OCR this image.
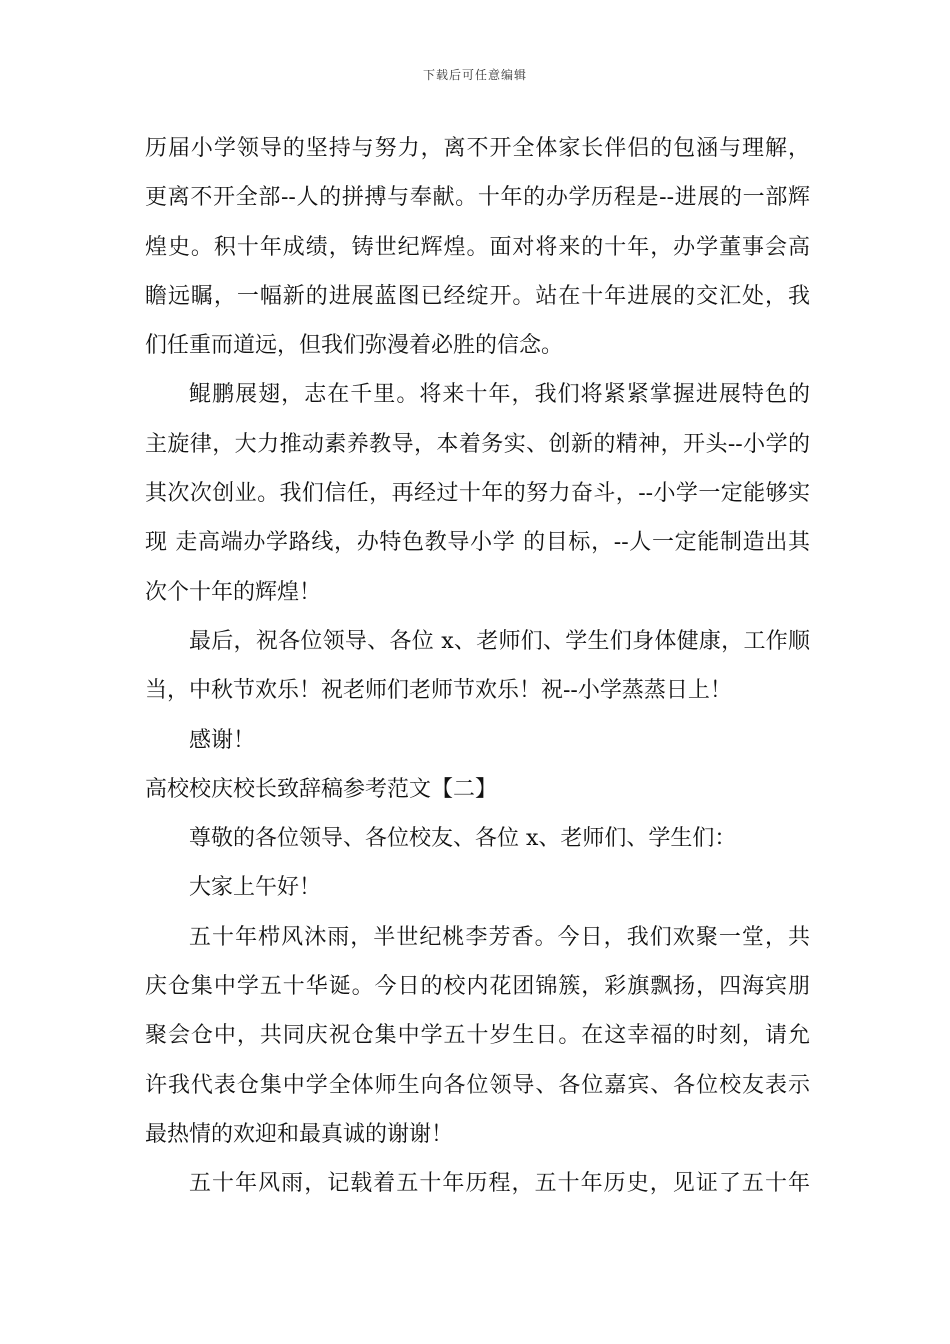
下载后可任意编辑
历届小学领导的坚持与努力，离不开全体家长伴侣的包涵与理解，
更离不开全部--人的拼搏与奉献。十年的办学历程是--进展的一部辉
煌史。积十年成绩，铸世纪辉煌。面对将来的十年，办学董事会高
瞻远瞩，一幅新的进展蓝图已经绽开。站在十年进展的交汇处，我
们任重而道远，但我们弥漫着必胜的信念。
鲲鹏展翅，志在千里。将来十年，我们将紧紧掌握进展特色的
主旋律，大力推动素养教导，本着务实、创新的精神，开头--小学的
其次次创业。我们信任，再经过十年的努力奋斗，--小学一定能够实
现 走高端办学路线，办特色教导小学 的目标，--人一定能制造出其
次个十年的辉煌！
最后，祝各位领导、各位 x、老师们、学生们身体健康，工作顺
当，中秋节欢乐！祝老师们老师节欢乐！祝--小学蒸蒸日上！
感谢！
高校校庆校长致辞稿参考范文【二】
尊敬的各位领导、各位校友、各位 x、老师们、学生们：
大家上午好！
五十年栉风沐雨，半世纪桃李芳香。今日，我们欢聚一堂，共
庆仓集中学五十华诞。今日的校内花团锦簇，彩旗飘扬，四海宾朋
聚会仓中，共同庆祝仓集中学五十岁生日。在这幸福的时刻，请允
许我代表仓集中学全体师生向各位领导、各位嘉宾、各位校友表示
最热情的欢迎和最真诚的谢谢！
五十年风雨，记载着五十年历程，五十年历史，见证了五十年
